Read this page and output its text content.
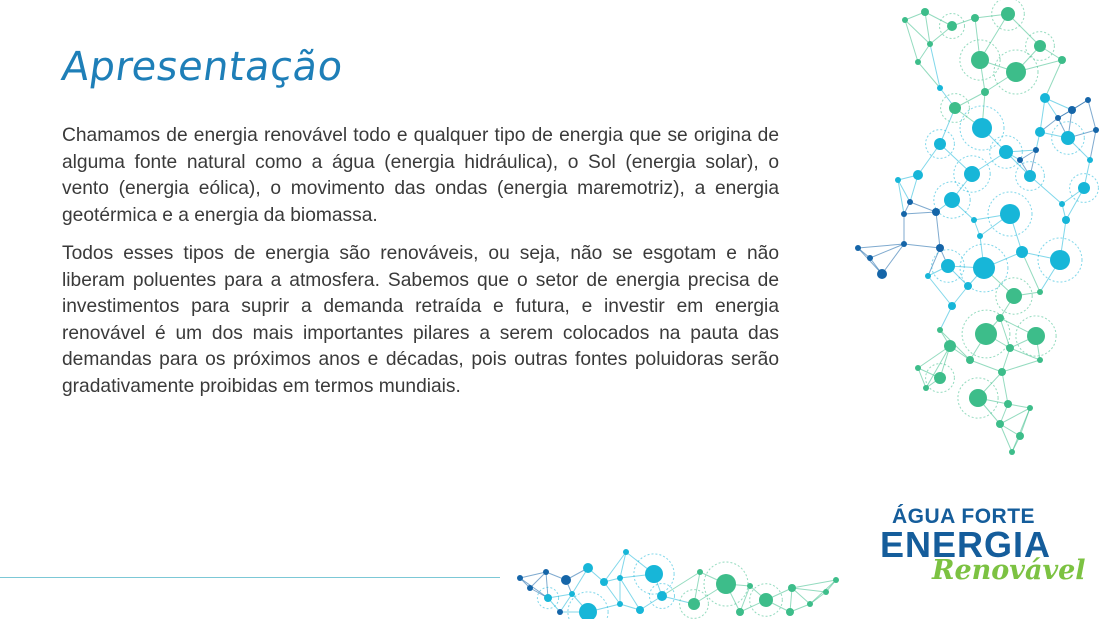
Apresentação

Chamamos de energia renovável todo e qualquer tipo de energia que se origina de alguma fonte natural como a água (energia hidráulica), o Sol (energia solar), o vento (energia eólica), o movimento das ondas (energia maremotriz), a energia geotérmica e a energia da biomassa.

Todos esses tipos de energia são renováveis, ou seja, não se esgotam e não liberam poluentes para a atmosfera. Sabemos que o setor de energia precisa de investimentos para suprir a demanda retraída e futura, e investir em energia renovável é um dos mais importantes pilares a serem colocados na pauta das demandas para os próximos anos e décadas, pois outras fontes poluidoras serão gradativamente proibidas em termos mundiais.

ÁGUA FORTE
ENERGIA
Renovável
